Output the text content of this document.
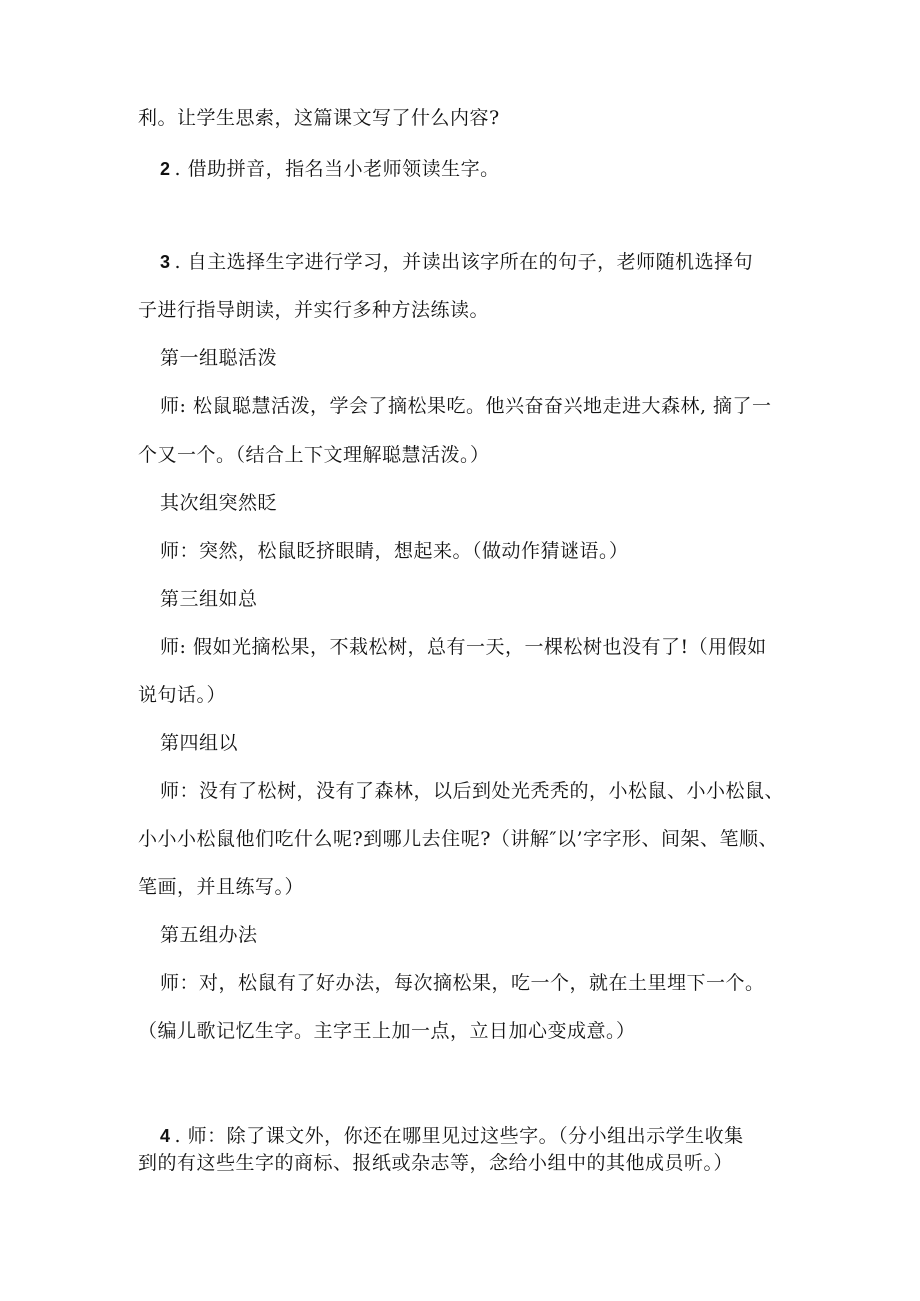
利。让学生思索，这篇课文写了什么内容?
2 . 借助拼音，指名当小老师领读生字。
3 . 自主选择生字进行学习，并读出该字所在的句子，老师随机选择句
子进行指导朗读，并实行多种方法练读。
第一组聪活泼
师: 松鼠聪慧活泼，学会了摘松果吃。他兴奋奋兴地走进大森林, 摘了一
个又一个。（结合上下文理解聪慧活泼。）
其次组突然眨
师：突然，松鼠眨挤眼睛，想起来。（做动作猜谜语。）
第三组如总
师: 假如光摘松果，不栽松树，总有一天，一棵松树也没有了!（用假如
说句话。）
第四组以
师：没有了松树，没有了森林，以后到处光秃秃的，小松鼠、小小松鼠、
小小小松鼠他们吃什么呢?到哪儿去住呢?（讲解″以’字字形、间架、笔顺、
笔画，并且练写。）
第五组办法
师：对，松鼠有了好办法，每次摘松果，吃一个，就在土里埋下一个。
（编儿歌记忆生字。主字王上加一点，立日加心变成意。）
4 . 师：除了课文外，你还在哪里见过这些字。（分小组出示学生收集
到的有这些生字的商标、报纸或杂志等，念给小组中的其他成员听。）
